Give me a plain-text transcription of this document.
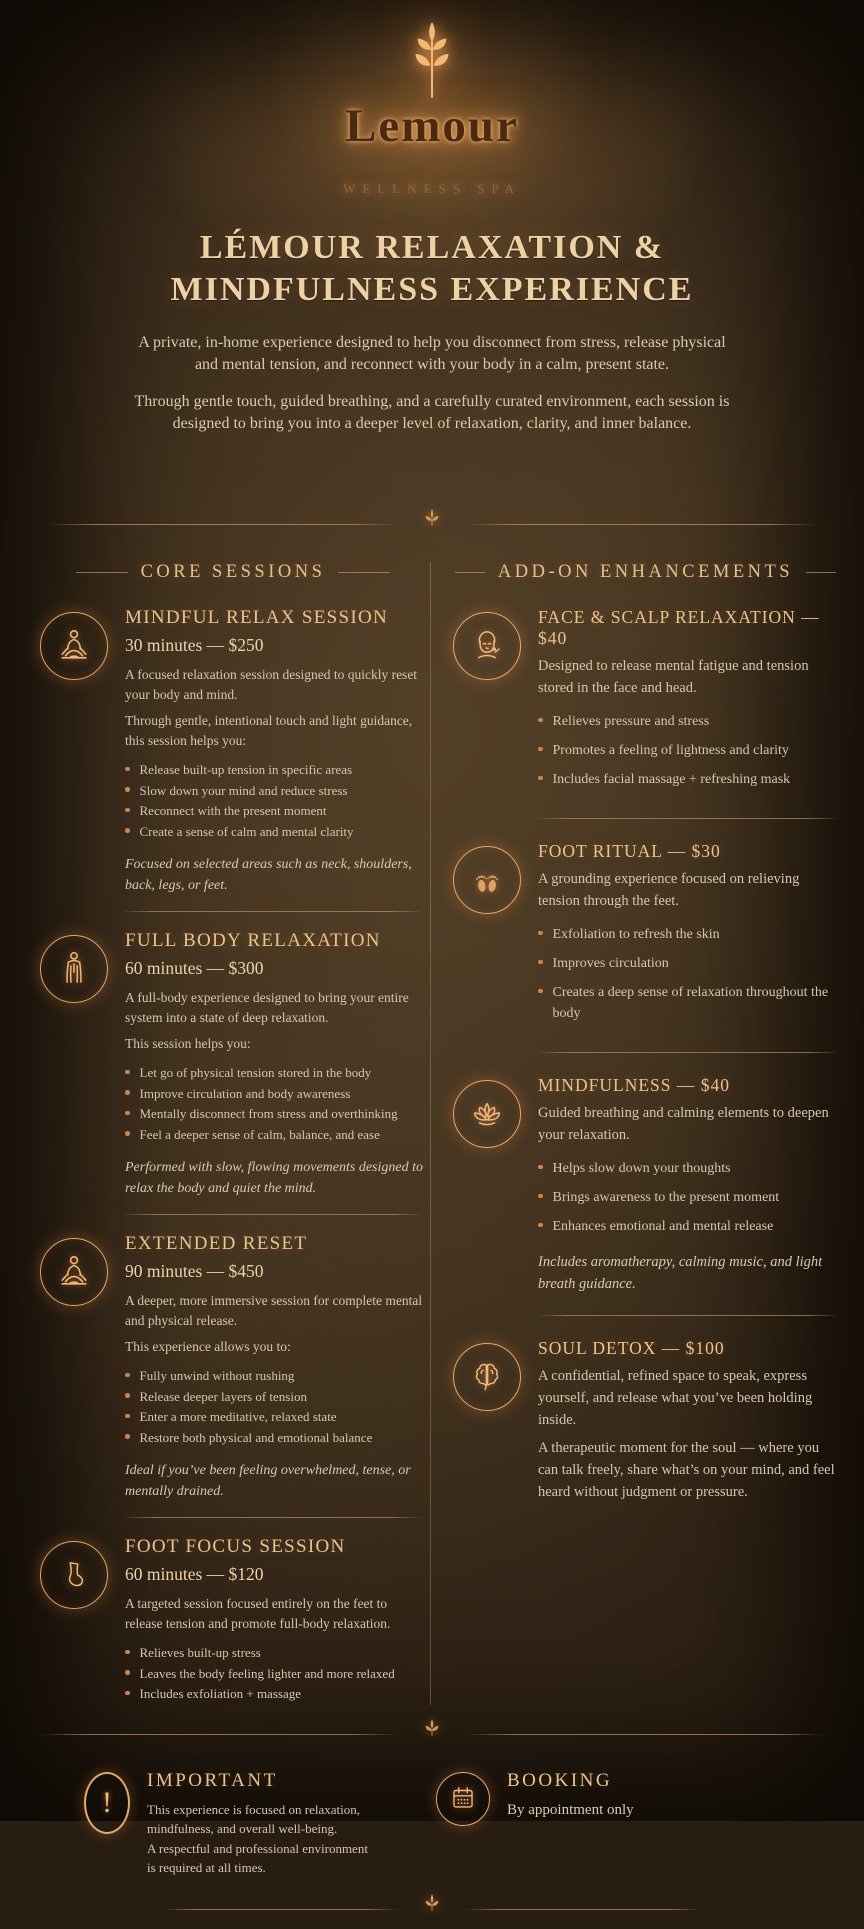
Lemour
WELLNESS SPA
LÉMOUR RELAXATION &
MINDFULNESS EXPERIENCE

A private, in-home experience designed to help you disconnect from stress, release physical and mental tension, and reconnect with your body in a calm, present state.

Through gentle touch, guided breathing, and a carefully curated environment, each session is designed to bring you into a deeper level of relaxation, clarity, and inner balance.

CORE SESSIONS
MINDFUL RELAX SESSION
30 minutes — $250

A focused relaxation session designed to quickly reset your body and mind.

Through gentle, intentional touch and light guidance, this session helps you:

Release built-up tension in specific areas
Slow down your mind and reduce stress
Reconnect with the present moment
Create a sense of calm and mental clarity

Focused on selected areas such as neck, shoulders, back, legs, or feet.

FULL BODY RELAXATION
60 minutes — $300

A full-body experience designed to bring your entire system into a state of deep relaxation.

This session helps you:

Let go of physical tension stored in the body
Improve circulation and body awareness
Mentally disconnect from stress and overthinking
Feel a deeper sense of calm, balance, and ease

Performed with slow, flowing movements designed to relax the body and quiet the mind.

EXTENDED RESET
90 minutes — $450

A deeper, more immersive session for complete mental and physical release.

This experience allows you to:

Fully unwind without rushing
Release deeper layers of tension
Enter a more meditative, relaxed state
Restore both physical and emotional balance

Ideal if you’ve been feeling overwhelmed, tense, or mentally drained.

FOOT FOCUS SESSION
60 minutes — $120

A targeted session focused entirely on the feet to release tension and promote full-body relaxation.

Relieves built-up stress
Leaves the body feeling lighter and more relaxed
Includes exfoliation + massage
ADD-ON ENHANCEMENTS
FACE & SCALP RELAXATION — $40

Designed to release mental fatigue and tension stored in the face and head.

Relieves pressure and stress
Promotes a feeling of lightness and clarity
Includes facial massage + refreshing mask
FOOT RITUAL — $30

A grounding experience focused on relieving tension through the feet.

Exfoliation to refresh the skin
Improves circulation
Creates a deep sense of relaxation throughout the body
MINDFULNESS — $40

Guided breathing and calming elements to deepen your relaxation.

Helps slow down your thoughts
Brings awareness to the present moment
Enhances emotional and mental release

Includes aromatherapy, calming music, and light breath guidance.

SOUL DETOX — $100

A confidential, refined space to speak, express yourself, and release what you’ve been holding inside.

A therapeutic moment for the soul — where you can talk freely, share what’s on your mind, and feel heard without judgment or pressure.

!
IMPORTANT
This experience is focused on relaxation,
mindfulness, and overall well-being.
A respectful and professional environment
is required at all times.
BOOKING
By appointment only
